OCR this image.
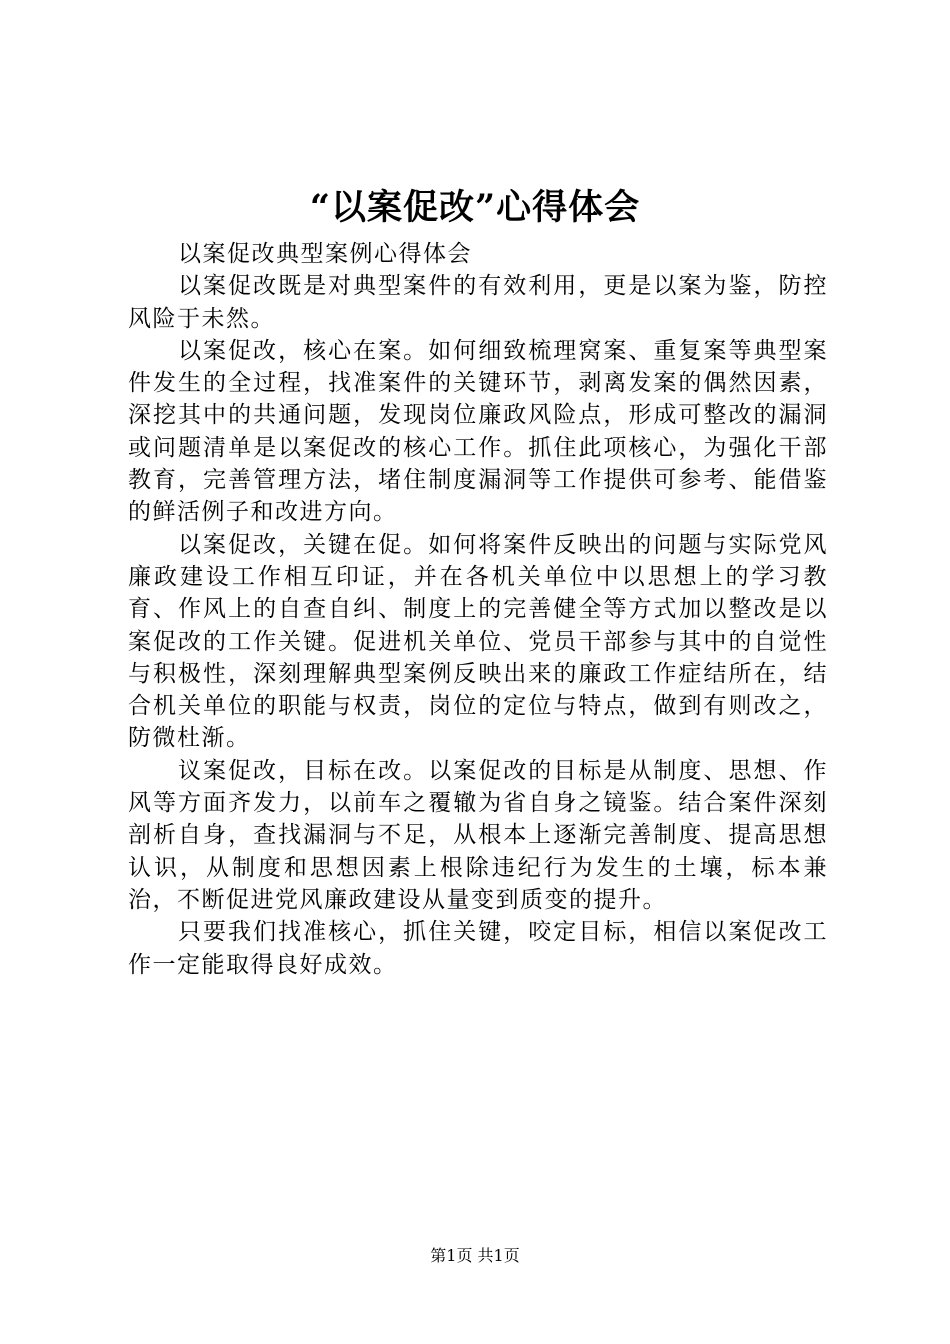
“以案促改”心得体会

以案促改典型案例心得体会

以案促改既是对典型案件的有效利用，更是以案为鉴，防控风险于未然。

以案促改，核心在案。如何细致梳理窝案、重复案等典型案件发生的全过程，找准案件的关键环节，剥离发案的偶然因素，深挖其中的共通问题，发现岗位廉政风险点，形成可整改的漏洞或问题清单是以案促改的核心工作。抓住此项核心，为强化干部教育，完善管理方法，堵住制度漏洞等工作提供可参考、能借鉴的鲜活例子和改进方向。

以案促改，关键在促。如何将案件反映出的问题与实际党风廉政建设工作相互印证，并在各机关单位中以思想上的学习教育、作风上的自查自纠、制度上的完善健全等方式加以整改是以案促改的工作关键。促进机关单位、党员干部参与其中的自觉性与积极性，深刻理解典型案例反映出来的廉政工作症结所在，结合机关单位的职能与权责，岗位的定位与特点，做到有则改之，防微杜渐。

议案促改，目标在改。以案促改的目标是从制度、思想、作风等方面齐发力，以前车之覆辙为省自身之镜鉴。结合案件深刻剖析自身，查找漏洞与不足，从根本上逐渐完善制度、提高思想认识，从制度和思想因素上根除违纪行为发生的土壤，标本兼治，不断促进党风廉政建设从量变到质变的提升。

只要我们找准核心，抓住关键，咬定目标，相信以案促改工作一定能取得良好成效。

第1页 共1页
